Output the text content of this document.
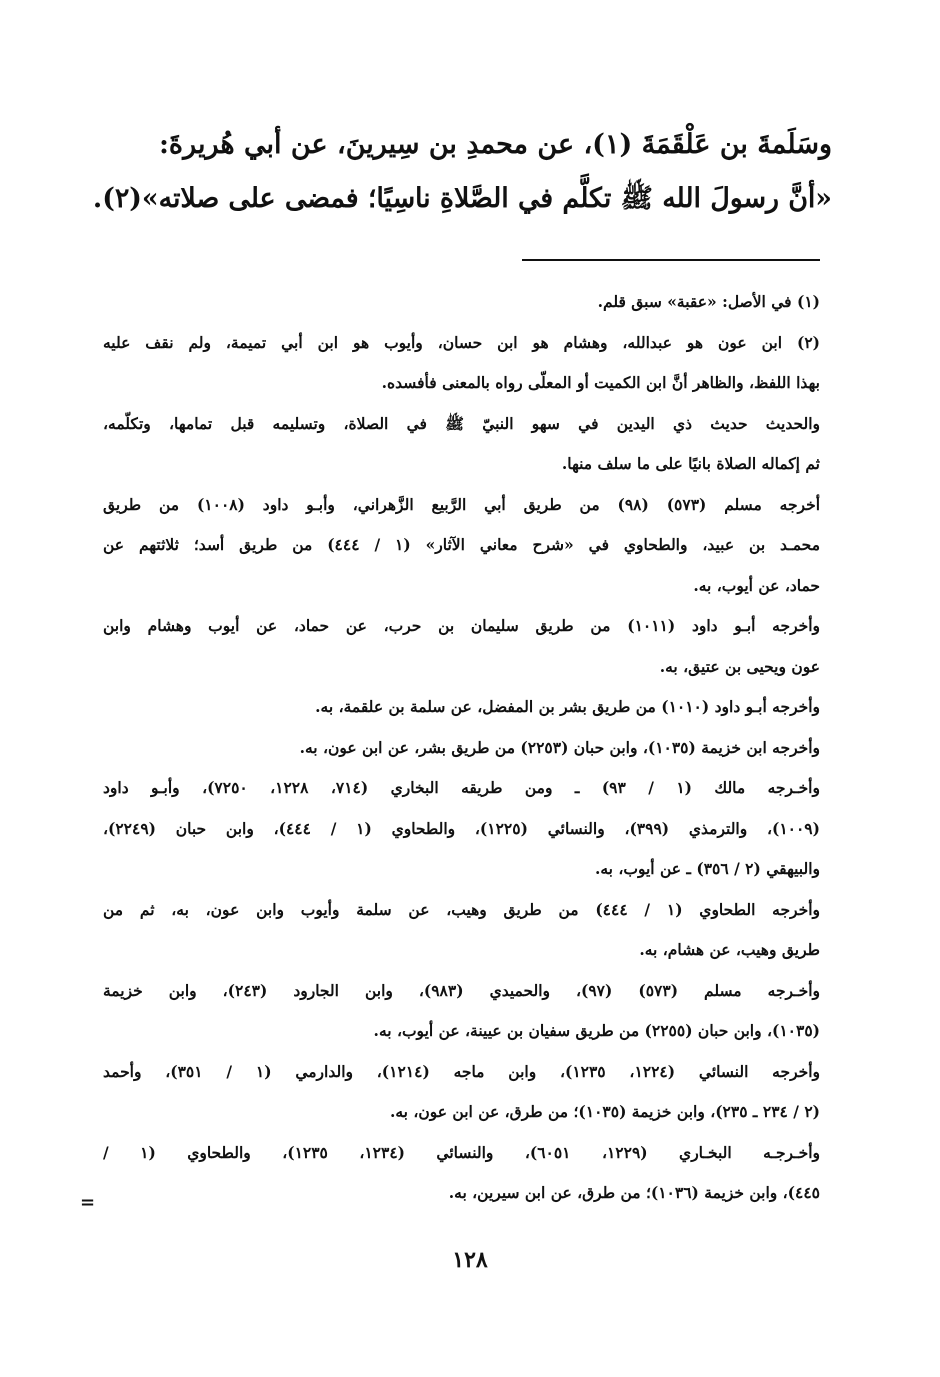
وسَلَمةَ بن عَلْقَمَةَ (١)، عن محمدِ بن سِيرينَ، عن أبي هُريرةَ:
«أنَّ رسولَ الله ﷺ تكلَّم في الصَّلاةِ ناسِيًا؛ فمضى على صلاته»(٢).
(١) في الأصل: «عقبة» سبق قلم.
(٢) ابن عون هو عبدالله، وهشام هو ابن حسان، وأيوب هو ابن أبي تميمة، ولم نقف عليه
بهذا اللفظ، والظاهر أنَّ ابن الكميت أو المعلّى رواه بالمعنى فأفسده.
والحديث حديث ذي اليدين في سهو النبيّ ﷺ في الصلاة، وتسليمه قبل تمامها، وتكلّمه،
ثم إكماله الصلاة بانيًا على ما سلف منها.
أخرجه مسلم (٥٧٣) (٩٨) من طريق أبي الرَّبيع الزَّهراني، وأبـو داود (١٠٠٨) من طريق
محمـد بن عبيد، والطحاوي في «شرح معاني الآثار» (١ / ٤٤٤) من طريق أسد؛ ثلاثتهم عن
حماد، عن أيوب، به.
وأخرجه أبـو داود (١٠١١) من طريق سليمان بن حرب، عن حماد، عن أيوب وهشام وابن
عون ويحيى بن عتيق، به.
وأخرجه أبـو داود (١٠١٠) من طريق بشر بن المفضل، عن سلمة بن علقمة، به.
وأخرجه ابن خزيمة (١٠٣٥)، وابن حبان (٢٢٥٣) من طريق بشر، عن ابن عون، به.
وأخـرجه مالك (١ / ٩٣) ـ ومن طريقه البخاري (٧١٤، ١٢٢٨، ٧٢٥٠)، وأبـو داود
(١٠٠٩)، والترمذي (٣٩٩)، والنسائي (١٢٢٥)، والطحاوي (١ / ٤٤٤)، وابن حبان (٢٢٤٩)،
والبيهقي (٢ / ٣٥٦) ـ عن أيوب، به.
وأخرجه الطحاوي (١ / ٤٤٤) من طريق وهيب، عن سلمة وأيوب وابن عون، به، ثم من
طريق وهيب، عن هشام، به.
وأخـرجه مسلم (٥٧٣) (٩٧)، والحميدي (٩٨٣)، وابن الجارود (٢٤٣)، وابن خزيمة
(١٠٣٥)، وابن حبان (٢٢٥٥) من طريق سفيان بن عيينة، عن أيوب، به.
وأخرجه النسائي (١٢٢٤، ١٢٣٥)، وابن ماجه (١٢١٤)، والدارمي (١ / ٣٥١)، وأحمد
(٢ / ٢٣٤ ـ ٢٣٥)، وابن خزيمة (١٠٣٥)؛ من طرق، عن ابن عون، به.
وأخـرجـه البخـاري (١٢٢٩، ٦٠٥١)، والنسائي (١٢٣٤، ١٢٣٥)، والطحاوي (١ /
٤٤٥)، وابن خزيمة (١٠٣٦)؛ من طرق، عن ابن سيرين، به.
=
١٢٨
